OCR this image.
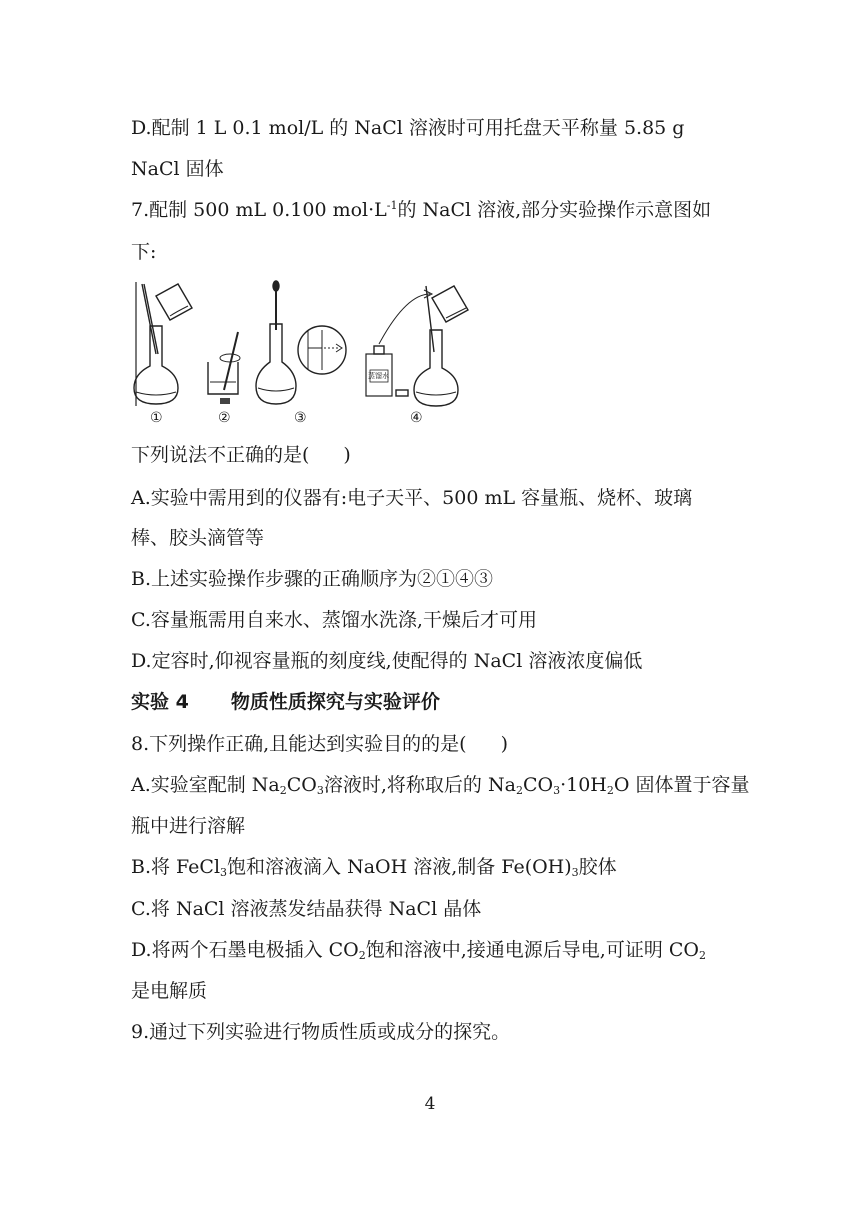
D.配制 1 L 0.1 mol/L 的 NaCl 溶液时可用托盘天平称量 5.85 g
NaCl 固体
7.配制 500 mL 0.100 $mol\cdot L^{-1}$的 NaCl 溶液,部分实验操作示意图如
下:
①	②	③	④
蒸馏水
下列说法不正确的是( )
A.实验中需用到的仪器有:电子天平、500 mL 容量瓶、烧杯、玻璃
棒、胶头滴管等
B.上述实验操作步骤的正确顺序为②①④③
C.容量瓶需用自来水、蒸馏水洗涤,干燥后才可用
D.定容时,仰视容量瓶的刻度线,使配得的 NaCl 溶液浓度偏低
实验 4 物质性质探究与实验评价
8.下列操作正确,且能达到实验目的的是( )
A.实验室配制 $Na_2CO_3$溶液时,将称取后的 $Na_2CO_3\cdot 10H_2O$ 固体置于容量
瓶中进行溶解
B.将 FeCl$_3$饱和溶液滴入 NaOH 溶液,制备 $Fe(OH)_3$胶体
C.将 NaCl 溶液蒸发结晶获得 NaCl 晶体
D.将两个石墨电极插入 $CO_2$饱和溶液中,接通电源后导电,可证明 $CO_2$
是电解质
9.通过下列实验进行物质性质或成分的探究。
4
